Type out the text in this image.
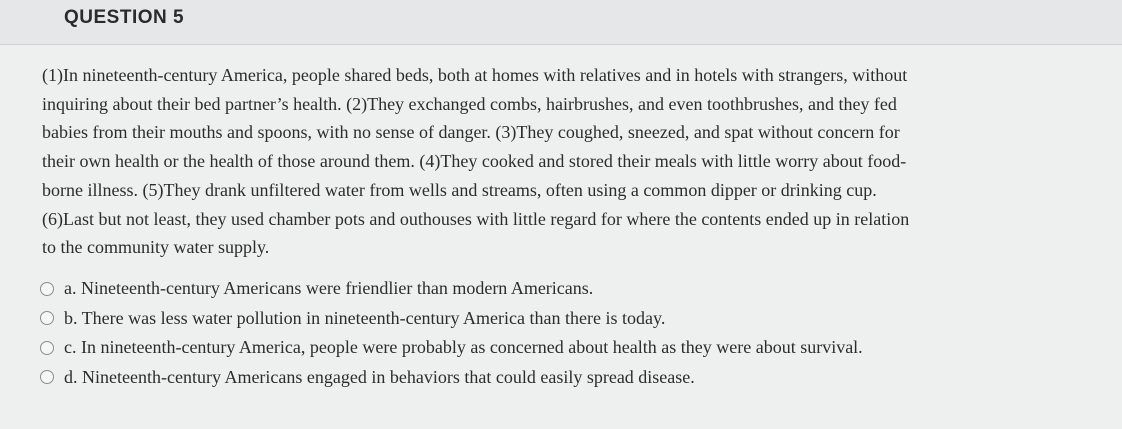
QUESTION 5
(1)In nineteenth-century America, people shared beds, both at homes with relatives and in hotels with strangers, without
inquiring about their bed partner’s health. (2)They exchanged combs, hairbrushes, and even toothbrushes, and they fed
babies from their mouths and spoons, with no sense of danger. (3)They coughed, sneezed, and spat without concern for
their own health or the health of those around them. (4)They cooked and stored their meals with little worry about food-
borne illness. (5)They drank unfiltered water from wells and streams, often using a common dipper or drinking cup.
(6)Last but not least, they used chamber pots and outhouses with little regard for where the contents ended up in relation
to the community water supply.
a. Nineteenth-century Americans were friendlier than modern Americans.
b. There was less water pollution in nineteenth-century America than there is today.
c. In nineteenth-century America, people were probably as concerned about health as they were about survival.
d. Nineteenth-century Americans engaged in behaviors that could easily spread disease.
